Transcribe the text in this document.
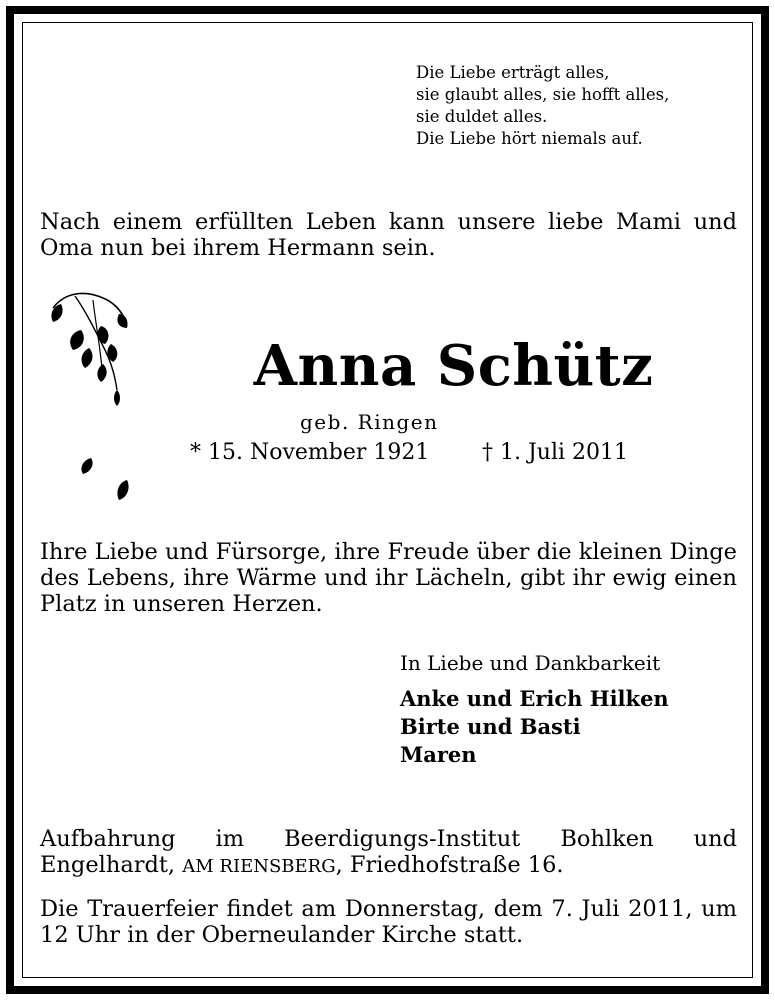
Die Liebe erträgt alles,
sie glaubt alles, sie hofft alles,
sie duldet alles.
Die Liebe hört niemals auf.
Nach einem erfüllten Leben kann unsere liebe Mami und Oma nun bei ihrem Hermann sein.
Anna Schütz
geb. Ringen
* 15. November 1921 † 1. Juli 2011
Ihre Liebe und Fürsorge, ihre Freude über die kleinen Dinge des Lebens, ihre Wärme und ihr Lächeln, gibt ihr ewig einen Platz in unseren Herzen.
In Liebe und Dankbarkeit
Anke und Erich Hilken
Birte und Basti
Maren
Aufbahrung im Beerdigungs-Institut Bohlken und Engelhardt, AM RIENSBERG, Friedhofstraße 16.
Die Trauerfeier findet am Donnerstag, dem 7. Juli 2011, um 12 Uhr in der Oberneulander Kirche statt.
